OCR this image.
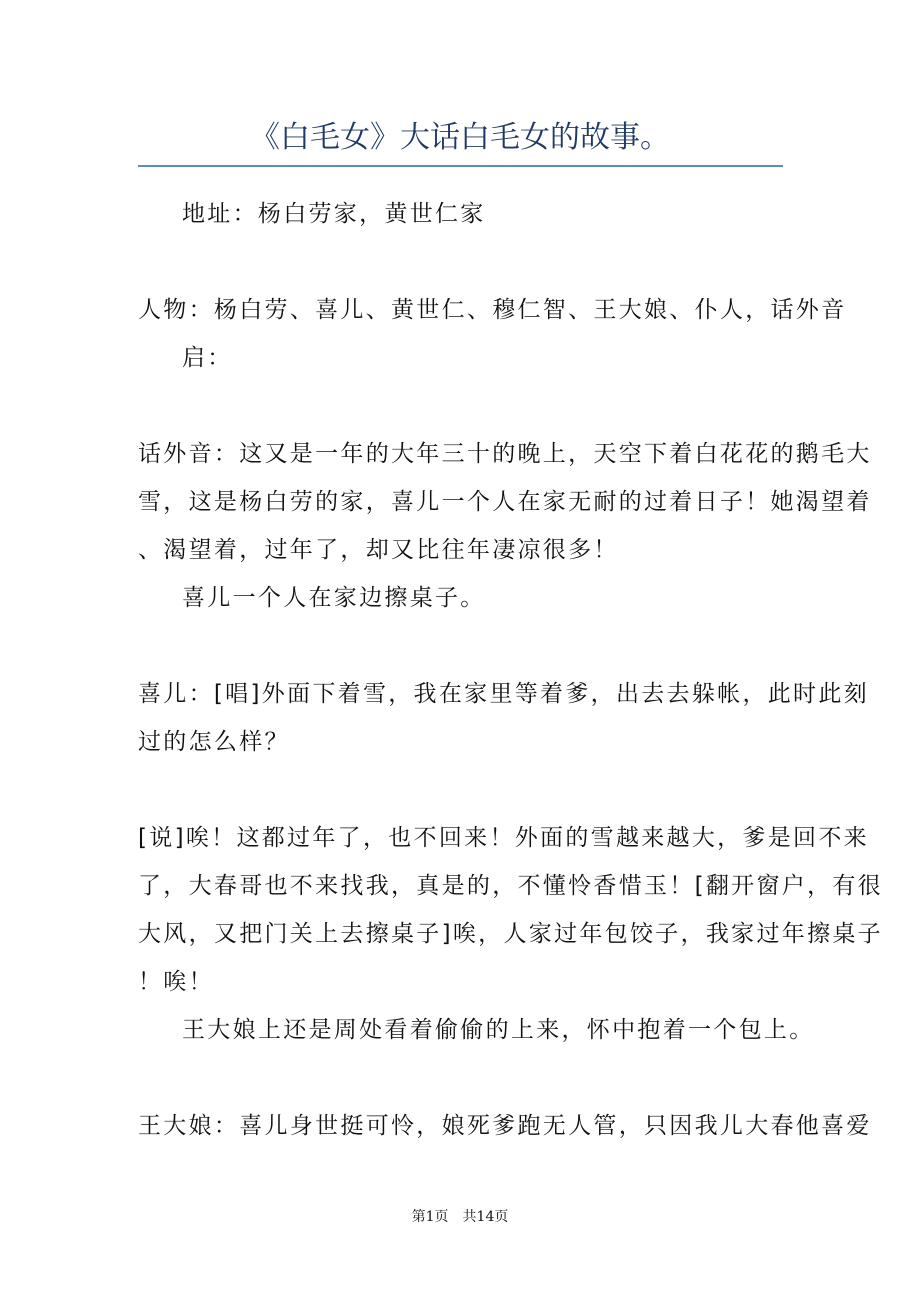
《白毛女》大话白毛女的故事。
地址：杨白劳家，黄世仁家
人物：杨白劳、喜儿、黄世仁、穆仁智、王大娘、仆人，话外音
启：
话外音：这又是一年的大年三十的晚上，天空下着白花花的鹅毛大
雪，这是杨白劳的家，喜儿一个人在家无耐的过着日子！她渴望着
、渴望着，过年了，却又比往年凄凉很多！
喜儿一个人在家边擦桌子。
喜儿：[唱]外面下着雪，我在家里等着爹，出去去躲帐，此时此刻
过的怎么样？
[说]唉！这都过年了，也不回来！外面的雪越来越大，爹是回不来
了，大春哥也不来找我，真是的，不懂怜香惜玉！[翻开窗户，有很
大风，又把门关上去擦桌子]唉，人家过年包饺子，我家过年擦桌子
！唉！
王大娘上还是周处看着偷偷的上来，怀中抱着一个包上。
王大娘：喜儿身世挺可怜，娘死爹跑无人管，只因我儿大春他喜爱
第1页　共14页
